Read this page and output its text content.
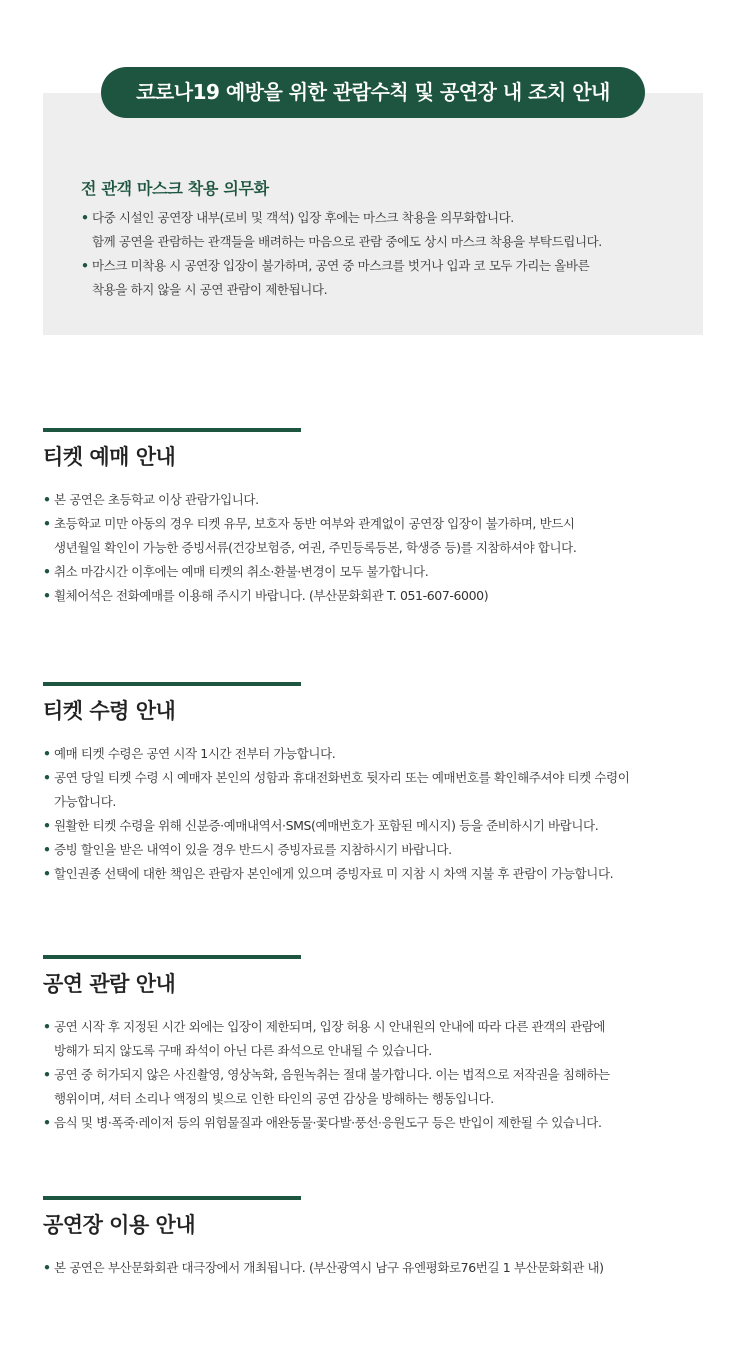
코로나19 예방을 위한 관람수칙 및 공연장 내 조치 안내
전 관객 마스크 착용 의무화
• 다중 시설인 공연장 내부(로비 및 객석) 입장 후에는 마스크 착용을 의무화합니다.
함께 공연을 관람하는 관객들을 배려하는 마음으로 관람 중에도 상시 마스크 착용을 부탁드립니다.
• 마스크 미착용 시 공연장 입장이 불가하며, 공연 중 마스크를 벗거나 입과 코 모두 가리는 올바른
착용을 하지 않을 시 공연 관람이 제한됩니다.
티켓 예매 안내
• 본 공연은 초등학교 이상 관람가입니다.
• 초등학교 미만 아동의 경우 티켓 유무, 보호자 동반 여부와 관계없이 공연장 입장이 불가하며, 반드시
생년월일 확인이 가능한 증빙서류(건강보험증, 여권, 주민등록등본, 학생증 등)를 지참하셔야 합니다.
• 취소 마감시간 이후에는 예매 티켓의 취소·환불·변경이 모두 불가합니다.
• 휠체어석은 전화예매를 이용해 주시기 바랍니다. (부산문화회관 T. 051-607-6000)
티켓 수령 안내
• 예매 티켓 수령은 공연 시작 1시간 전부터 가능합니다.
• 공연 당일 티켓 수령 시 예매자 본인의 성함과 휴대전화번호 뒷자리 또는 예매번호를 확인해주셔야 티켓 수령이
가능합니다.
• 원활한 티켓 수령을 위해 신분증·예매내역서·SMS(예매번호가 포함된 메시지) 등을 준비하시기 바랍니다.
• 증빙 할인을 받은 내역이 있을 경우 반드시 증빙자료를 지참하시기 바랍니다.
• 할인권종 선택에 대한 책임은 관람자 본인에게 있으며 증빙자료 미 지참 시 차액 지불 후 관람이 가능합니다.
공연 관람 안내
• 공연 시작 후 지정된 시간 외에는 입장이 제한되며, 입장 허용 시 안내원의 안내에 따라 다른 관객의 관람에
방해가 되지 않도록 구매 좌석이 아닌 다른 좌석으로 안내될 수 있습니다.
• 공연 중 허가되지 않은 사진촬영, 영상녹화, 음원녹취는 절대 불가합니다. 이는 법적으로 저작권을 침해하는
행위이며, 셔터 소리나 액정의 빛으로 인한 타인의 공연 감상을 방해하는 행동입니다.
• 음식 및 병·폭죽·레이저 등의 위험물질과 애완동물·꽃다발·풍선·응원도구 등은 반입이 제한될 수 있습니다.
공연장 이용 안내
• 본 공연은 부산문화회관 대극장에서 개최됩니다. (부산광역시 남구 유엔평화로76번길 1 부산문화회관 내)
